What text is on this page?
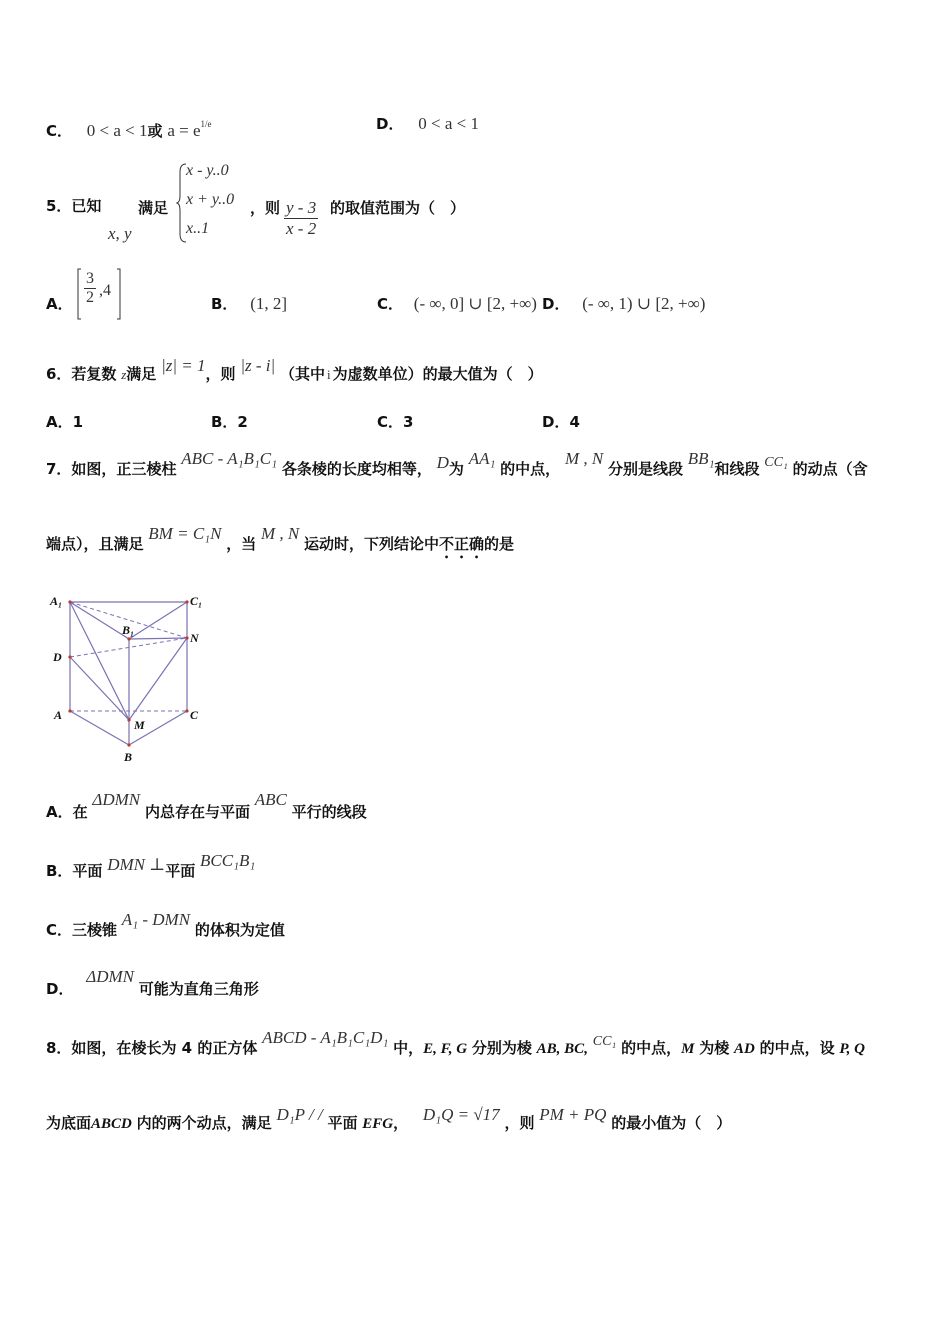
C． 0 < a < 1或 $a = e^{1/e}$	D． 0 < a < 1
5．已知
x, y
满足
x - y..0
x + y..0
x..1
，则 $\frac{y - 3}{x - 2}$ 的取值范围为（　）
A． $\frac{3}{2} ,4$
B． (1, 2]	C． (- ∞, 0] ∪ [2, +∞) D． (- ∞, 1) ∪ [2, +∞)
6．若复数 z满足 |z| = 1，则 |z - i| （其中 i 为虚数单位）的最大值为（　）
A．1	B．2	C．3	D．4
7．如图，正三棱柱 ABC - A₁B₁C₁ 各条棱的长度均相等， D为 AA₁ 的中点， M , N 分别是线段 BB₁和线段 CC₁ 的动点（含
端点），且满足 BM = C₁N ，当 M , N 运动时，下列结论中不正确的是
A₁	C₁
B₁
N
D
A	C
M
B
A．在 ΔDMN 内总存在与平面 ABC 平行的线段
B．平面 DMN ⊥平面 BCC₁B₁
C．三棱锥 A₁ - DMN 的体积为定值
D． ΔDMN 可能为直角三角形
8．如图，在棱长为 4 的正方体 ABCD - A₁B₁C₁D₁ 中，E, F, G 分别为棱 AB, BC, CC₁ 的中点，M 为棱 AD 的中点，设 P, Q
为底面ABCD 内的两个动点，满足 D₁P / / 平面 EFG， D₁Q = √17 ，则 PM + PQ 的最小值为（　）
